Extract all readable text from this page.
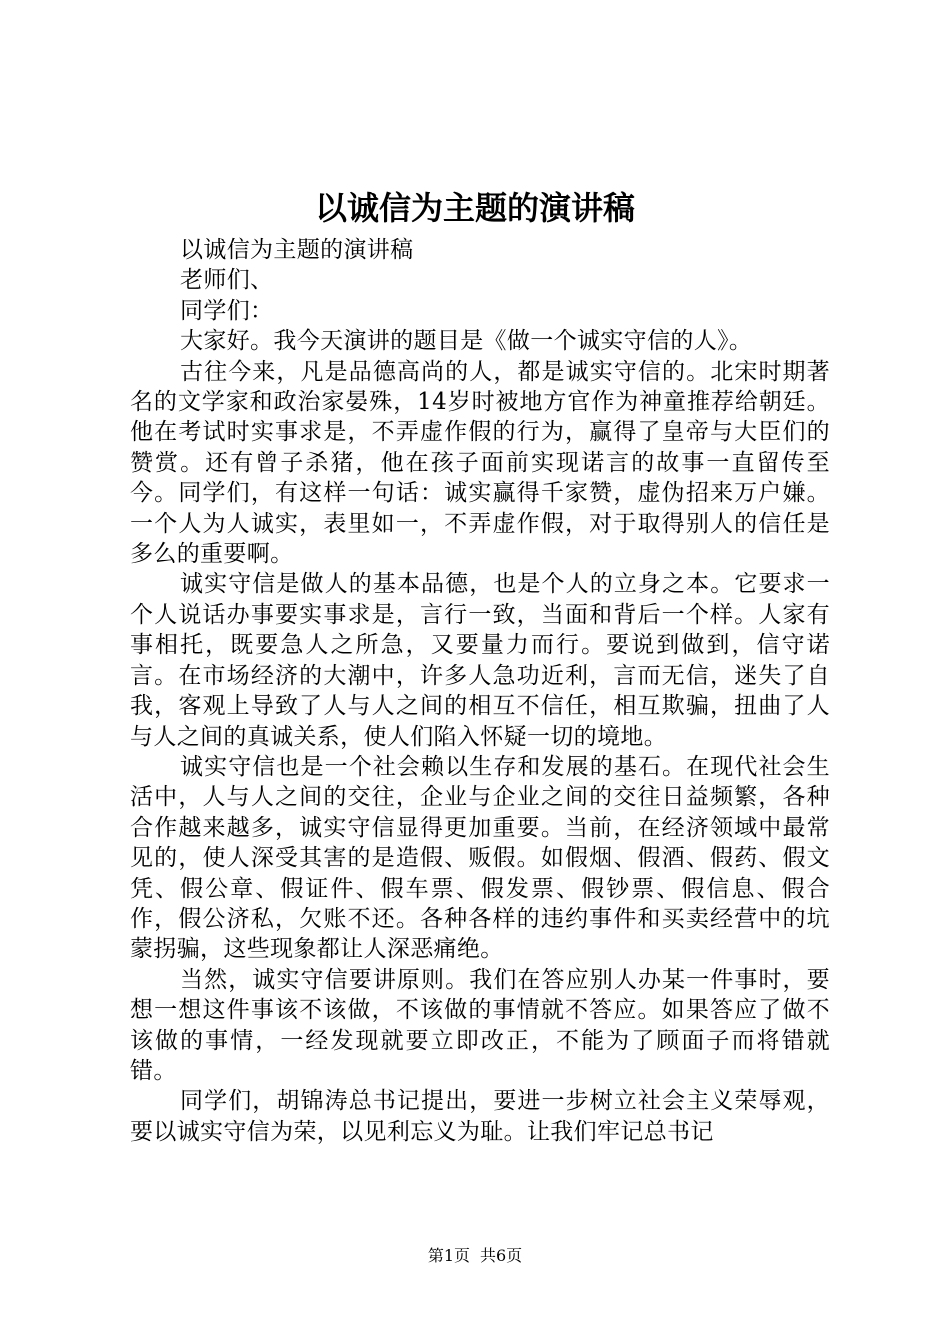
以诚信为主题的演讲稿

以诚信为主题的演讲稿

老师们、

同学们：

大家好。我今天演讲的题目是《做一个诚实守信的人》。

古往今来，凡是品德高尚的人，都是诚实守信的。北宋时期著名的文学家和政治家晏殊，14岁时被地方官作为神童推荐给朝廷。他在考试时实事求是，不弄虚作假的行为，赢得了皇帝与大臣们的赞赏。还有曾子杀猪，他在孩子面前实现诺言的故事一直留传至今。同学们，有这样一句话：诚实赢得千家赞，虚伪招来万户嫌。一个人为人诚实，表里如一，不弄虚作假，对于取得别人的信任是多么的重要啊。

诚实守信是做人的基本品德，也是个人的立身之本。它要求一个人说话办事要实事求是，言行一致，当面和背后一个样。人家有事相托，既要急人之所急，又要量力而行。要说到做到，信守诺言。在市场经济的大潮中，许多人急功近利，言而无信，迷失了自我，客观上导致了人与人之间的相互不信任，相互欺骗，扭曲了人与人之间的真诚关系，使人们陷入怀疑一切的境地。

诚实守信也是一个社会赖以生存和发展的基石。在现代社会生活中，人与人之间的交往，企业与企业之间的交往日益频繁，各种合作越来越多，诚实守信显得更加重要。当前，在经济领域中最常见的，使人深受其害的是造假、贩假。如假烟、假酒、假药、假文凭、假公章、假证件、假车票、假发票、假钞票、假信息、假合作，假公济私，欠账不还。各种各样的违约事件和买卖经营中的坑蒙拐骗，这些现象都让人深恶痛绝。

当然，诚实守信要讲原则。我们在答应别人办某一件事时，要想一想这件事该不该做，不该做的事情就不答应。如果答应了做不该做的事情，一经发现就要立即改正，不能为了顾面子而将错就错。

同学们，胡锦涛总书记提出，要进一步树立社会主义荣辱观，要以诚实守信为荣，以见利忘义为耻。让我们牢记总书记

第1页 共6页
